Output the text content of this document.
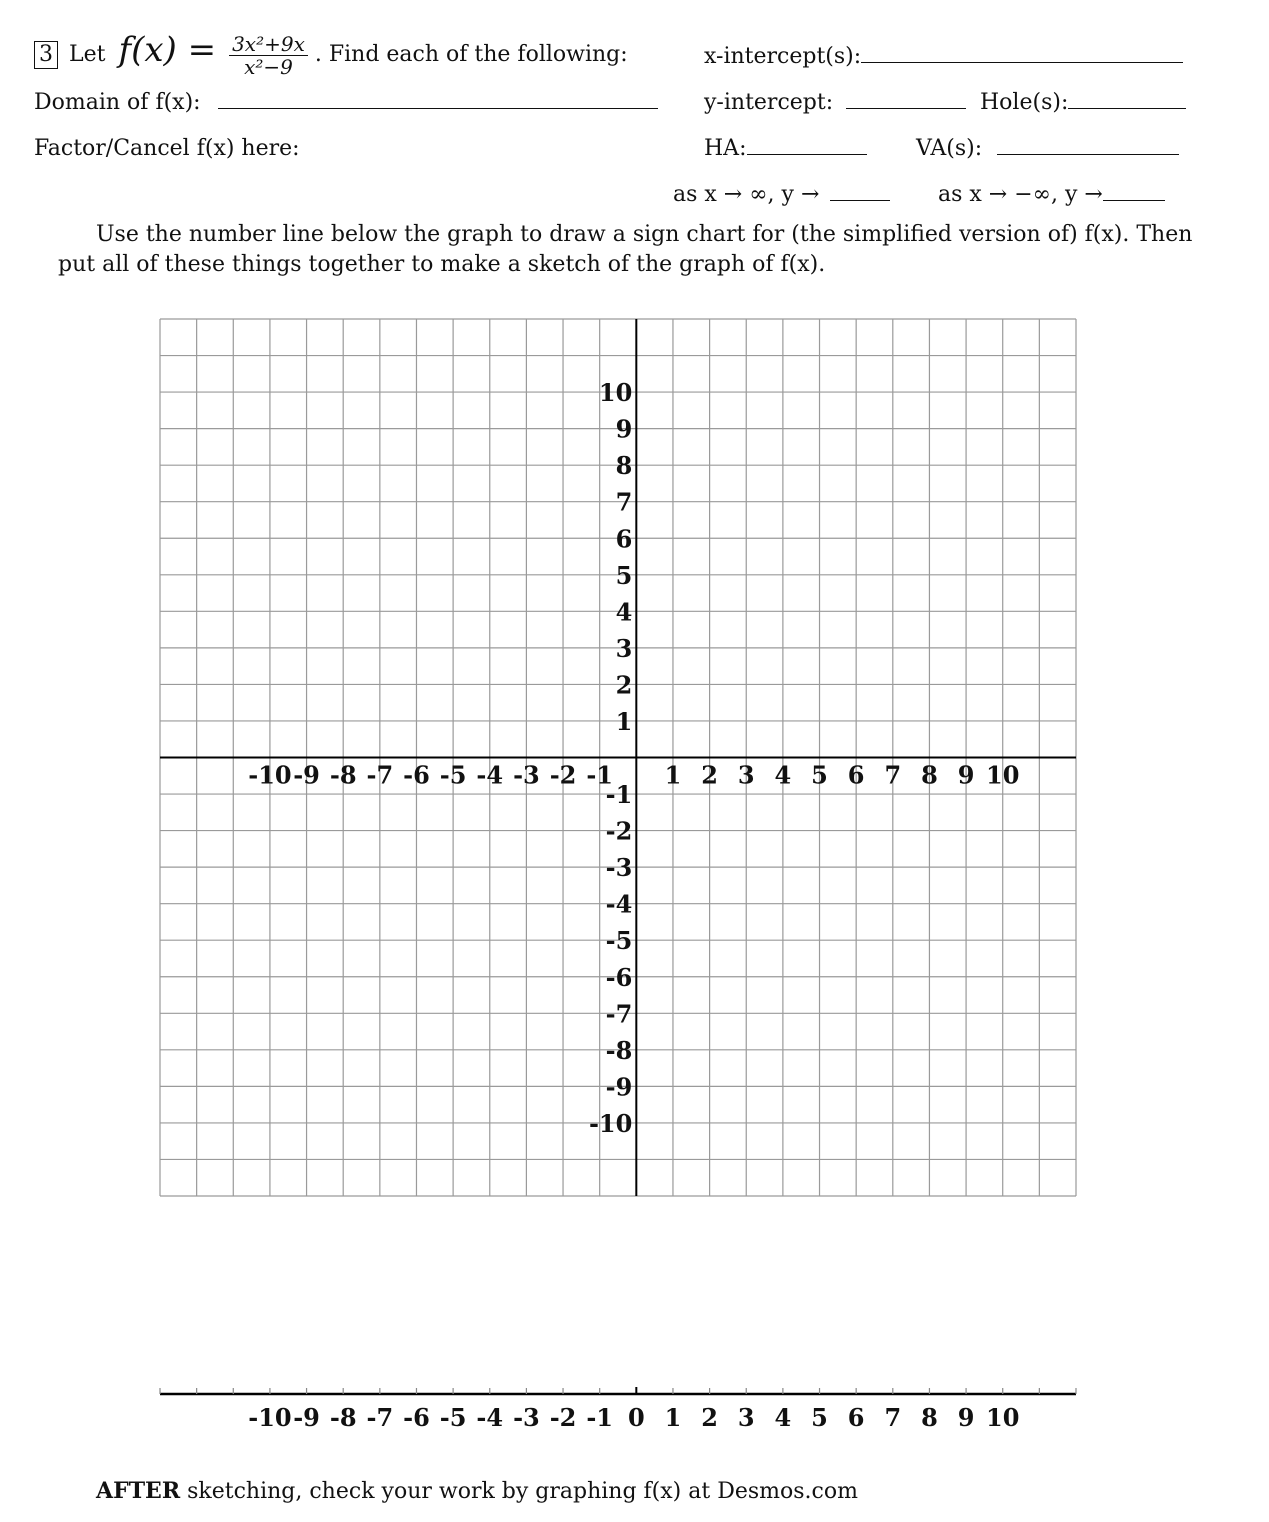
3 Let $f(x) = \frac{\text{3x²+9x}}{\text{x²−9}}$ . Find each of the following:	x-intercept(s):
y-intercept:	Hole(s):
HA:	VA(s):
as x → ∞, y →	as x → −∞, y →
Domain of f(x):
Factor/Cancel f(x) here:
Use the number line below the graph to draw a sign chart for (the simplified version of) f(x). Then
put all of these things together to make a sketch of the graph of f(x).
-10 -9 -8 -7 -6 -5 -4 -3 -2 -1 1 2 3 4 5 6 7 8 9 10
10
9
8
7
6
5
4
3
2
1
-1
-2
-3
-4
-5
-6
-7
-8
-9
-10
-10 -9 -8 -7 -6 -5 -4 -3 -2 -1 0 1 2 3 4 5 6 7 8 9 10
AFTER sketching, check your work by graphing f(x) at Desmos.com
